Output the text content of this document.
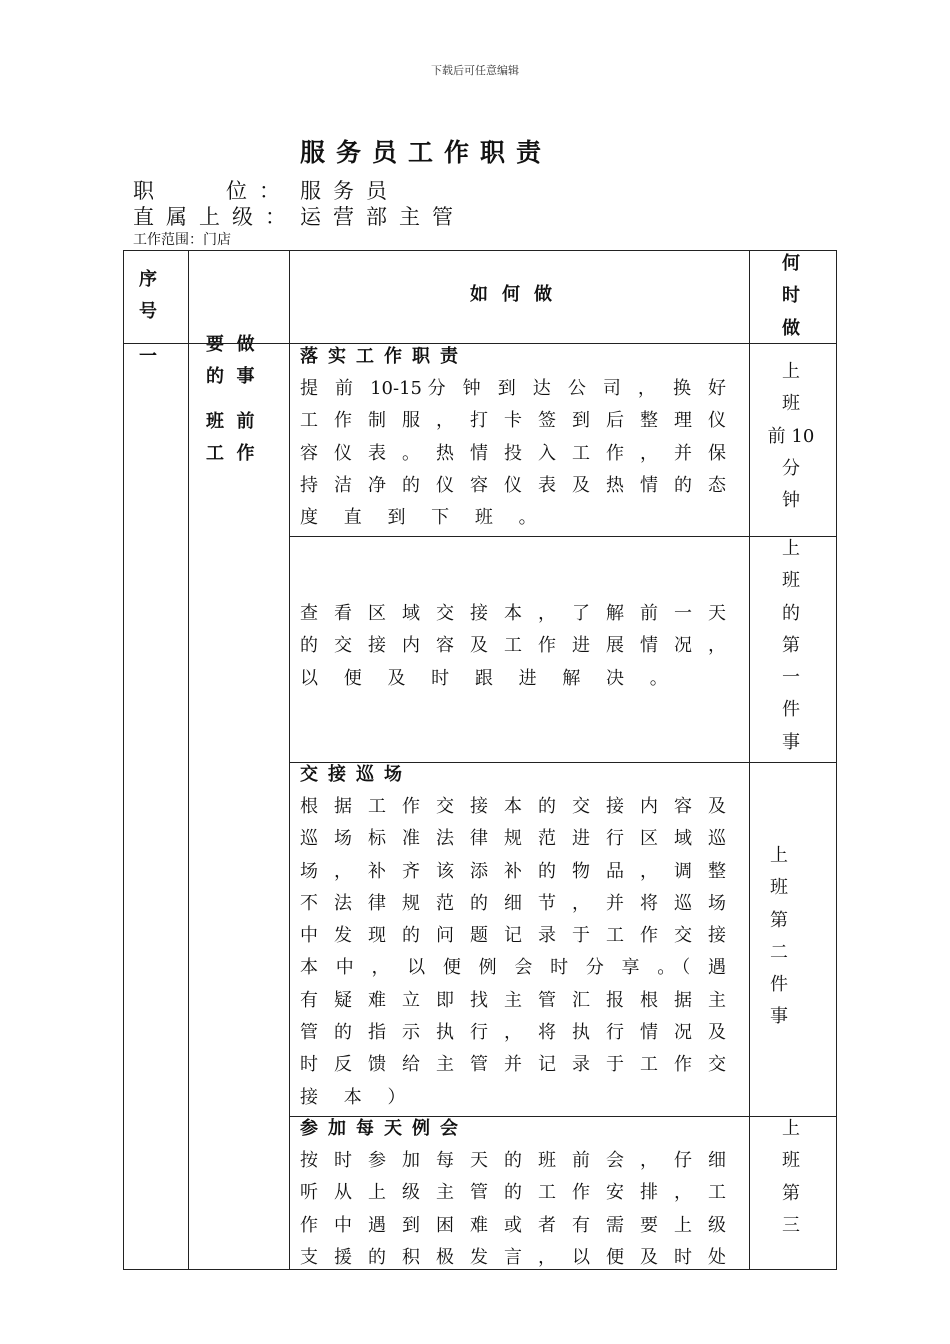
下载后可任意编辑
服务员工作职责
职	位： 服务员
直属上级： 运营部主管
工作范围：门店
序
号

要  做
的  事

如何做
何
时
做
一

班  前
工  作

落实工作职责
提 前 10-15分 钟 到 达 公 司 ， 换 好
工 作 制 服 ， 打 卡 签 到 后 整 理 仪
容 仪 表 。 热 情 投 入 工 作 ， 并 保
持 洁 净 的 仪 容 仪 表 及 热 情 的 态
度 直 到 下 班 。
上
班
前 10
分
钟
查 看 区 域 交 接 本 ， 了 解 前 一 天
的 交 接 内 容 及 工 作 进 展 情 况 ，
以 便 及 时 跟 进 解 决 。
上
班
的
第
一
件
事
交接巡场
根 据 工 作 交 接 本 的 交 接 内 容 及
巡 场 标 准 法 律 规 范 进 行 区 域 巡
场 ， 补 齐 该 添 补 的 物 品 ， 调 整
不 法 律 规 范 的 细 节 ， 并 将 巡 场
中 发 现 的 问 题 记 录 于 工 作 交 接
本 中 ， 以 便 例 会 时 分 享 。（ 遇
有 疑 难 立 即 找 主 管 汇 报 根 据 主
管 的 指 示 执 行 ， 将 执 行 情 况 及
时 反 馈 给 主 管 并 记 录 于 工 作 交
接 本 ）
上
班
第
二
件
事
参加每天例会
按 时 参 加 每 天 的 班 前 会 ， 仔 细
听 从 上 级 主 管 的 工 作 安 排 ， 工
作 中 遇 到 困 难 或 者 有 需 要 上 级
支 援 的 积 极 发 言 ， 以 便 及 时 处
上
班
第
三
